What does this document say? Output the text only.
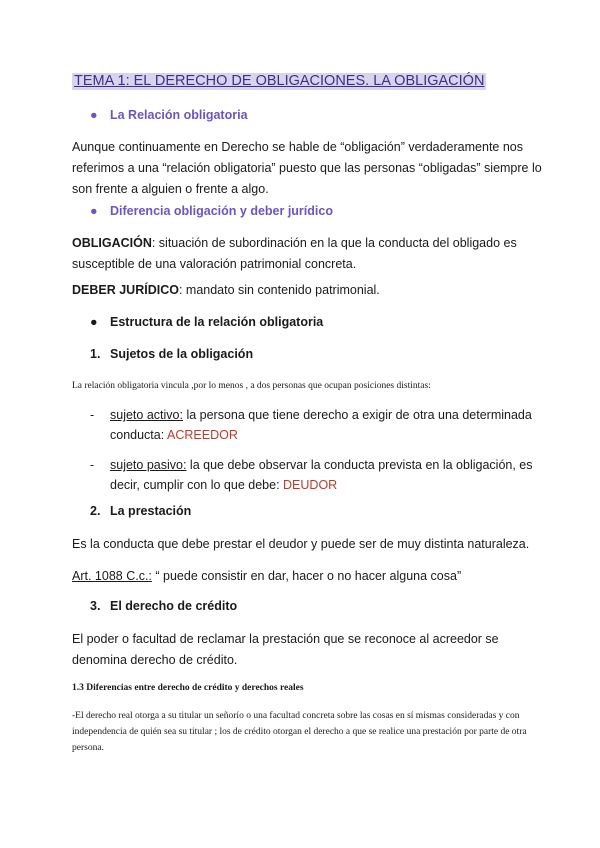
TEMA 1: EL DERECHO DE OBLIGACIONES. LA OBLIGACIÓN
● La Relación obligatoria
Aunque continuamente en Derecho se hable de “obligación” verdaderamente nos referimos a una “relación obligatoria” puesto que las personas “obligadas” siempre lo son frente a alguien o frente a algo.
● Diferencia obligación y deber jurídico
OBLIGACIÓN: situación de subordinación en la que la conducta del obligado es susceptible de una valoración patrimonial concreta.
DEBER JURÍDICO: mandato sin contenido patrimonial.
● Estructura de la relación obligatoria
1. Sujetos de la obligación
La relación obligatoria vincula ,por lo menos , a dos personas que ocupan posiciones distintas:
- sujeto activo: la persona que tiene derecho a exigir de otra una determinada conducta: ACREEDOR
- sujeto pasivo: la que debe observar la conducta prevista en la obligación, es decir, cumplir con lo que debe: DEUDOR
2. La prestación
Es la conducta que debe prestar el deudor y puede ser de muy distinta naturaleza.
Art. 1088 C.c.: “ puede consistir en dar, hacer o no hacer alguna cosa”
3. El derecho de crédito
El poder o facultad de reclamar la prestación que se reconoce al acreedor se denomina derecho de crédito.
1.3 Diferencias entre derecho de crédito y derechos reales
-El derecho real otorga a su titular un señorío o una facultad concreta sobre las cosas en sí mismas consideradas y con independencia de quién sea su titular ; los de crédito otorgan el derecho a que se realice una prestación por parte de otra persona.
